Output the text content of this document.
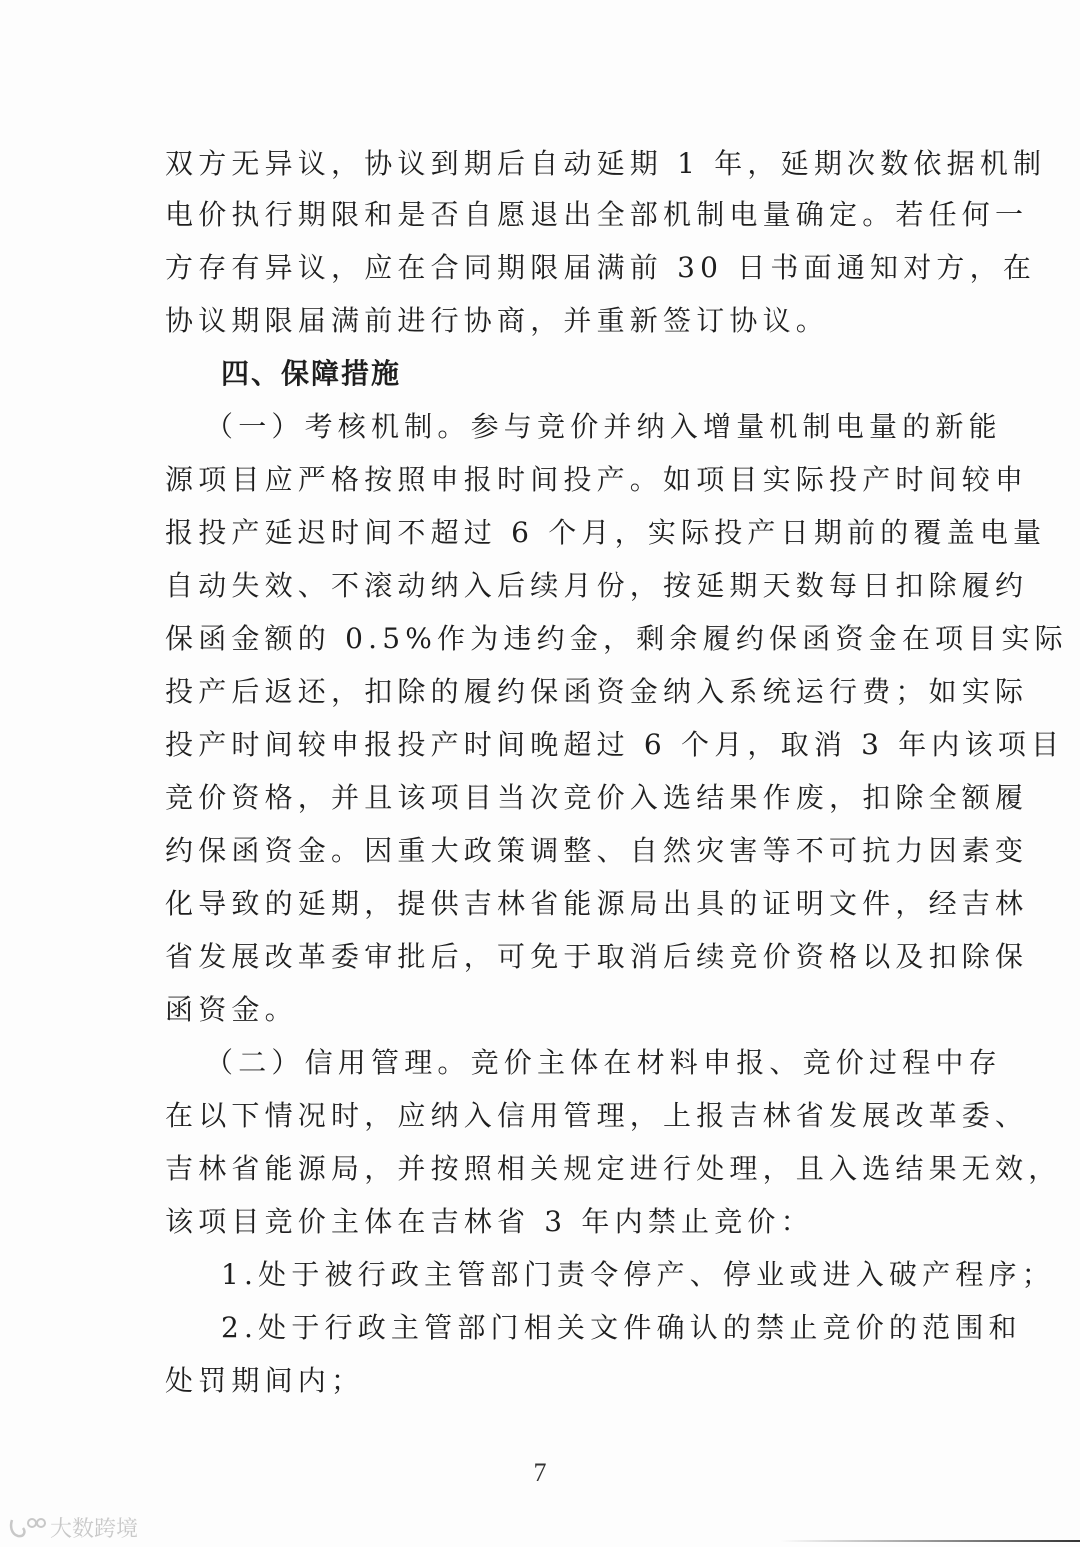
双方无异议，协议到期后自动延期 1 年，延期次数依据机制
电价执行期限和是否自愿退出全部机制电量确定。若任何一
方存有异议，应在合同期限届满前 30 日书面通知对方，在
协议期限届满前进行协商，并重新签订协议。
四、保障措施
（一）考核机制。参与竞价并纳入增量机制电量的新能
源项目应严格按照申报时间投产。如项目实际投产时间较申
报投产延迟时间不超过 6 个月，实际投产日期前的覆盖电量
自动失效、不滚动纳入后续月份，按延期天数每日扣除履约
保函金额的 0.5%作为违约金，剩余履约保函资金在项目实际
投产后返还，扣除的履约保函资金纳入系统运行费；如实际
投产时间较申报投产时间晚超过 6 个月，取消 3 年内该项目
竞价资格，并且该项目当次竞价入选结果作废，扣除全额履
约保函资金。因重大政策调整、自然灾害等不可抗力因素变
化导致的延期，提供吉林省能源局出具的证明文件，经吉林
省发展改革委审批后，可免于取消后续竞价资格以及扣除保
函资金。
（二）信用管理。竞价主体在材料申报、竞价过程中存
在以下情况时，应纳入信用管理，上报吉林省发展改革委、
吉林省能源局，并按照相关规定进行处理，且入选结果无效，
该项目竞价主体在吉林省 3 年内禁止竞价：
1.处于被行政主管部门责令停产、停业或进入破产程序；
2.处于行政主管部门相关文件确认的禁止竞价的范围和
处罚期间内；
7
大数跨境
